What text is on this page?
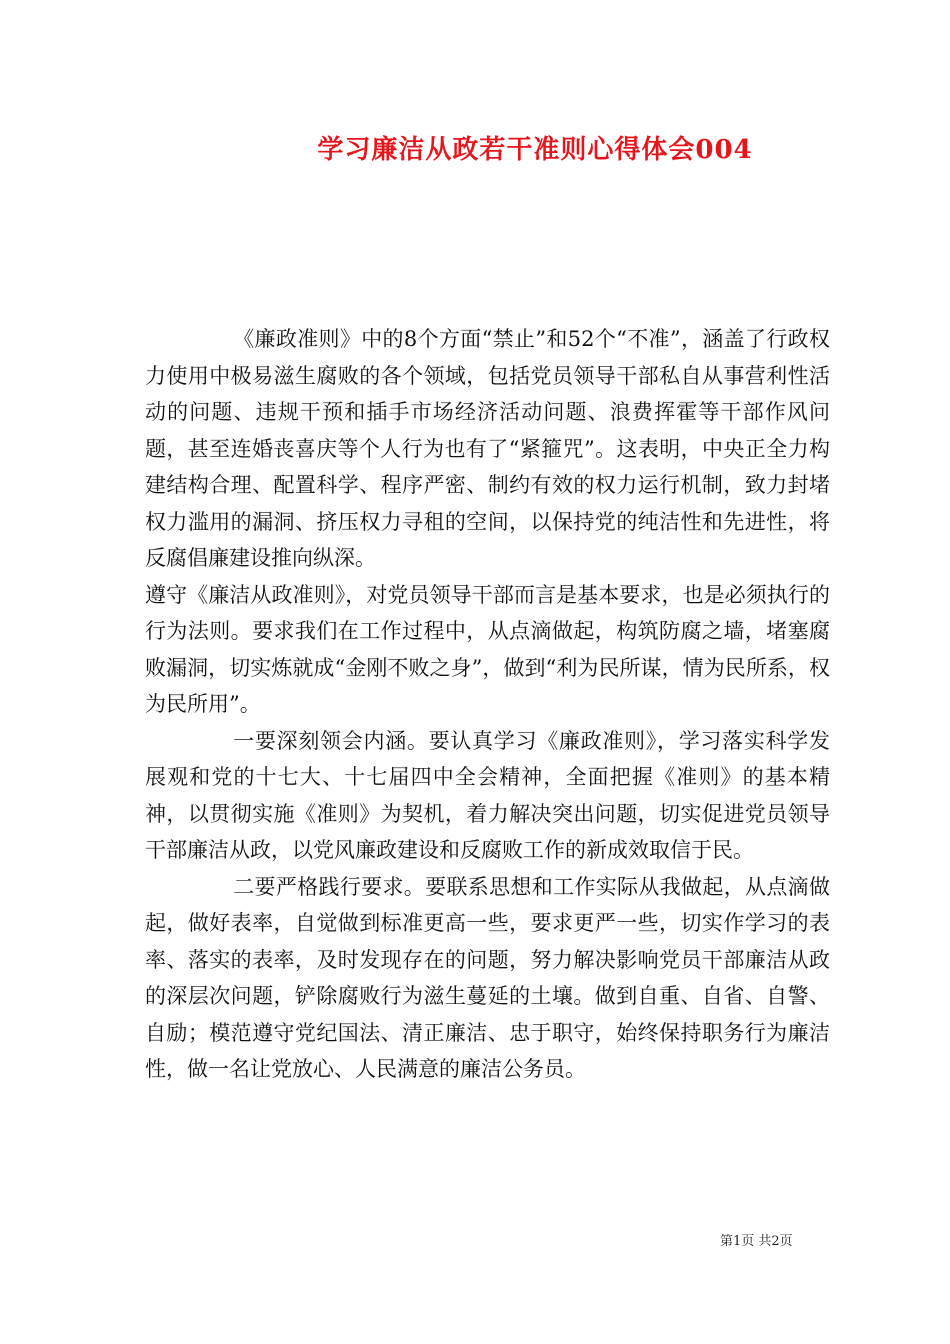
学习廉洁从政若干准则心得体会004

《廉政准则》中的8个方面“禁止”和52个“不准”，涵盖了行政权力使用中极易滋生腐败的各个领域，包括党员领导干部私自从事营利性活动的问题、违规干预和插手市场经济活动问题、浪费挥霍等干部作风问题，甚至连婚丧喜庆等个人行为也有了“紧箍咒”。这表明，中央正全力构建结构合理、配置科学、程序严密、制约有效的权力运行机制，致力封堵权力滥用的漏洞、挤压权力寻租的空间，以保持党的纯洁性和先进性，将反腐倡廉建设推向纵深。

遵守《廉洁从政准则》，对党员领导干部而言是基本要求，也是必须执行的行为法则。要求我们在工作过程中，从点滴做起，构筑防腐之墙，堵塞腐败漏洞，切实炼就成“金刚不败之身”，做到“利为民所谋，情为民所系，权为民所用”。

一要深刻领会内涵。要认真学习《廉政准则》，学习落实科学发展观和党的十七大、十七届四中全会精神，全面把握《准则》的基本精神，以贯彻实施《准则》为契机，着力解决突出问题，切实促进党员领导干部廉洁从政，以党风廉政建设和反腐败工作的新成效取信于民。

二要严格践行要求。要联系思想和工作实际从我做起，从点滴做起，做好表率，自觉做到标准更高一些，要求更严一些，切实作学习的表率、落实的表率，及时发现存在的问题，努力解决影响党员干部廉洁从政的深层次问题，铲除腐败行为滋生蔓延的土壤。做到自重、自省、自警、自励；模范遵守党纪国法、清正廉洁、忠于职守，始终保持职务行为廉洁性，做一名让党放心、人民满意的廉洁公务员。

第1页 共2页
